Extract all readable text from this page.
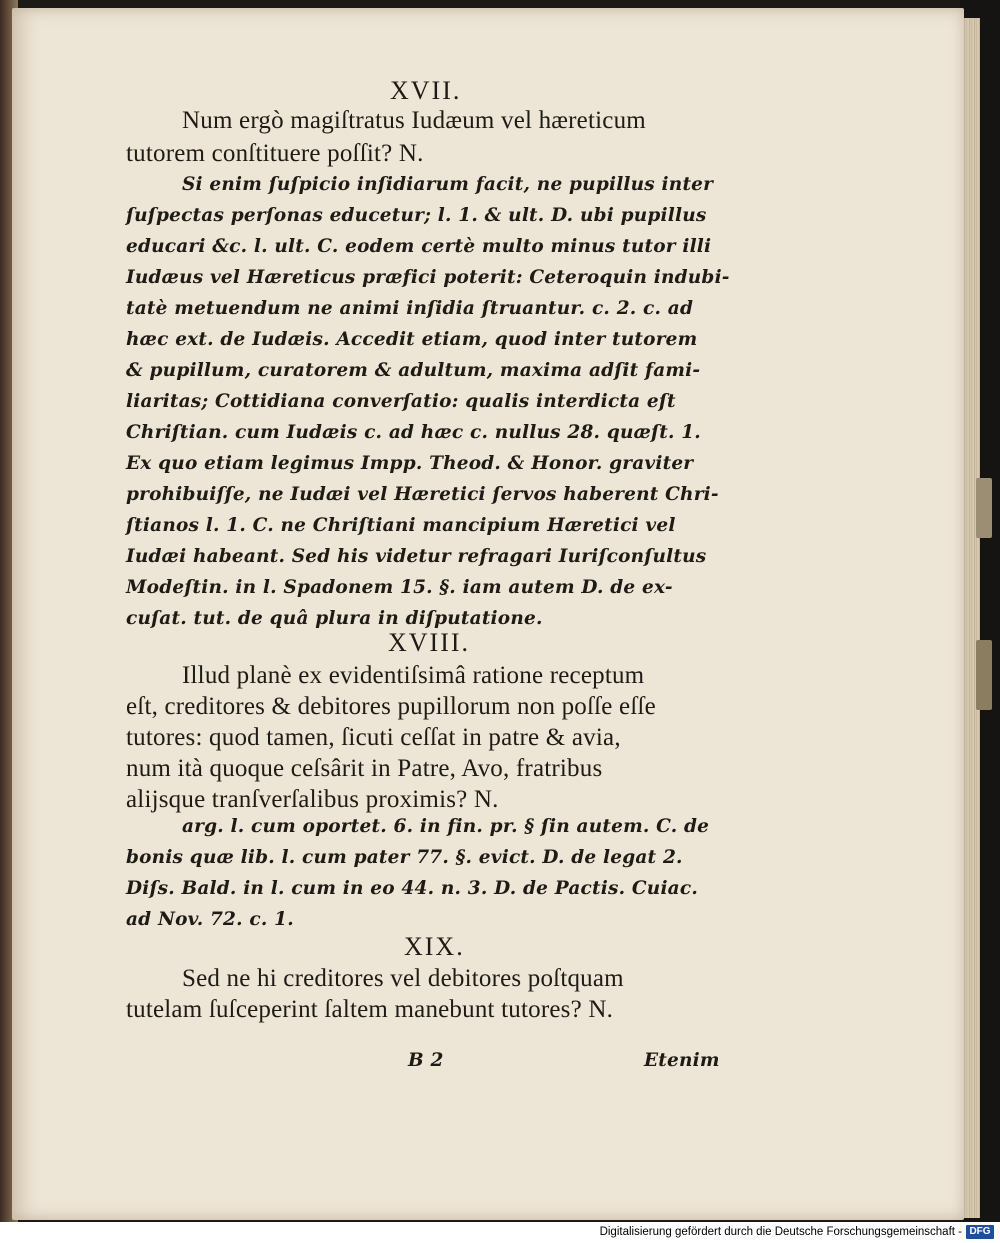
XVII.
Num ergò magiſtratus Iudæum vel hæreticum
tutorem conſtituere poſſit? N.
Si enim ſuſpicio inſidiarum facit, ne pupillus inter
ſuſpectas perſonas educetur; l. 1. & ult. D. ubi pupillus
educari &c. l. ult. C. eodem certè multo minus tutor illi
Iudæus vel Hæreticus præfici poterit: Ceteroquin indubi-
tatè metuendum ne animi inſidia ſtruantur. c. 2. c. ad
hæc ext. de Iudæis. Accedit etiam, quod inter tutorem
& pupillum, curatorem & adultum, maxima adſit fami-
liaritas; Cottidiana converſatio: qualis interdicta eſt
Chriſtian. cum Iudæis c. ad hæc c. nullus 28. quæſt. 1.
Ex quo etiam legimus Impp. Theod. & Honor. graviter
prohibuiſſe, ne Iudæi vel Hæretici ſervos haberent Chri-
ſtianos l. 1. C. ne Chriſtiani mancipium Hæretici vel
Iudæi habeant. Sed his videtur refragari Iuriſconſultus
Modeſtin. in l. Spadonem 15. §. iam autem D. de ex-
cuſat. tut. de quâ plura in diſputatione.
XVIII.
Illud planè ex evidentiſsimâ ratione receptum
eſt, creditores & debitores pupillorum non poſſe eſſe
tutores: quod tamen, ſicuti ceſſat in patre & avia,
num ità quoque ceſsârit in Patre, Avo, fratribus
alijsque tranſverſalibus proximis? N.
arg. l. cum oportet. 6. in fin. pr. § ſin autem. C. de
bonis quæ lib. l. cum pater 77. §. evict. D. de legat 2.
Diſs. Bald. in l. cum in eo 44. n. 3. D. de Pactis. Cuiac.
ad Nov. 72. c. 1.
XIX.
Sed ne hi creditores vel debitores poſtquam
tutelam ſuſceperint ſaltem manebunt tutores? N.
B 2	Etenim
Digitalisierung gefördert durch die Deutsche Forschungsgemeinschaft - DFG
